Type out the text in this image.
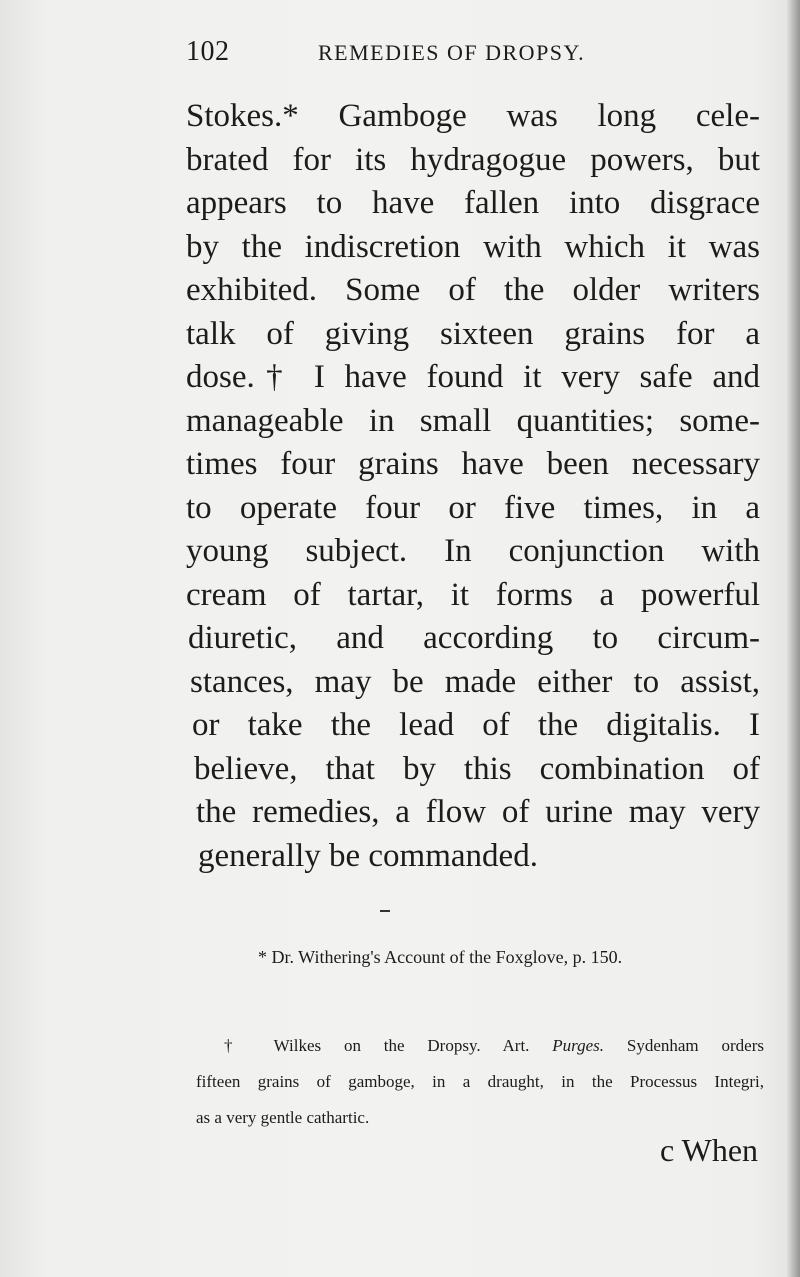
102	REMEDIES OF DROPSY.
Stokes.* Gamboge was long cele-
brated for its hydragogue powers, but
appears to have fallen into disgrace
by the indiscretion with which it was
exhibited. Some of the older writers
talk of giving sixteen grains for a
dose.† I have found it very safe and
manageable in small quantities; some-
times four grains have been necessary
to operate four or five times, in a
young subject. In conjunction with
cream of tartar, it forms a powerful
diuretic, and according to circum-
stances, may be made either to assist,
or take the lead of the digitalis. I
believe, that by this combination of
the remedies, a flow of urine may very
generally be commanded.
* Dr. Withering's Account of the Foxglove, p. 150.
† Wilkes on the Dropsy. Art. Purges. Sydenham orders
fifteen grains of gamboge, in a draught, in the Processus Integri,
as a very gentle cathartic.
c When
